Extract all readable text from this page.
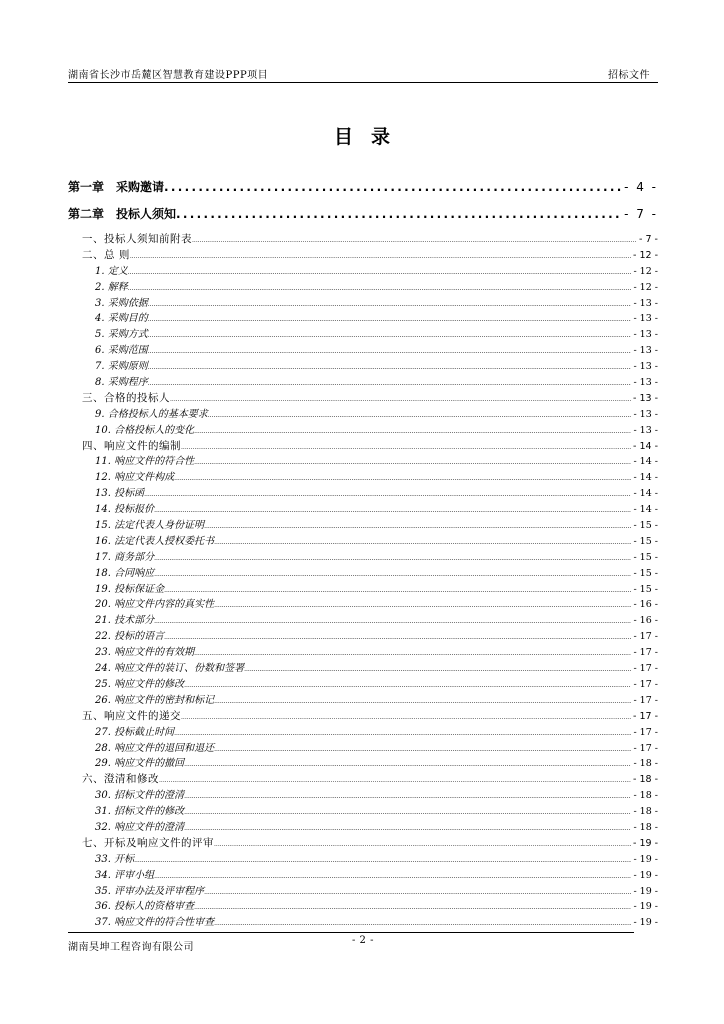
湖南省长沙市岳麓区智慧教育建设PPP项目	招标文件
目录
第一章 采购邀请 .....	- 4 -
第二章 投标人须知 .....	- 7 -
一、投标人须知前附表 .....	- 7 -
二、总 则 .....	- 12 -
1. 定义 .....	- 12 -
2. 解释 .....	- 12 -
3. 采购依据 .....	- 13 -
4. 采购目的 .....	- 13 -
5. 采购方式 .....	- 13 -
6. 采购范围 .....	- 13 -
7. 采购原则 .....	- 13 -
8. 采购程序 .....	- 13 -
三、合格的投标人 .....	- 13 -
9. 合格投标人的基本要求 .....	- 13 -
10. 合格投标人的变化 .....	- 13 -
四、响应文件的编制 .....	- 14 -
11. 响应文件的符合性 .....	- 14 -
12. 响应文件构成 .....	- 14 -
13. 投标函 .....	- 14 -
14. 投标报价 .....	- 14 -
15. 法定代表人身份证明 .....	- 15 -
16. 法定代表人授权委托书 .....	- 15 -
17. 商务部分 .....	- 15 -
18. 合同响应 .....	- 15 -
19. 投标保证金 .....	- 15 -
20. 响应文件内容的真实性 .....	- 16 -
21. 技术部分 .....	- 16 -
22. 投标的语言 .....	- 17 -
23. 响应文件的有效期 .....	- 17 -
24. 响应文件的装订、份数和签署 .....	- 17 -
25. 响应文件的修改 .....	- 17 -
26. 响应文件的密封和标记 .....	- 17 -
五、响应文件的递交 .....	- 17 -
27. 投标截止时间 .....	- 17 -
28. 响应文件的退回和退还 .....	- 17 -
29. 响应文件的撤回 .....	- 18 -
六、澄清和修改 .....	- 18 -
30. 招标文件的澄清 .....	- 18 -
31. 招标文件的修改 .....	- 18 -
32. 响应文件的澄清 .....	- 18 -
七、开标及响应文件的评审 .....	- 19 -
33. 开标 .....	- 19 -
34. 评审小组 .....	- 19 -
35. 评审办法及评审程序 .....	- 19 -
36. 投标人的资格审查 .....	- 19 -
37. 响应文件的符合性审查 .....	- 19 -
湖南昊坤工程咨询有限公司
- 2 -
